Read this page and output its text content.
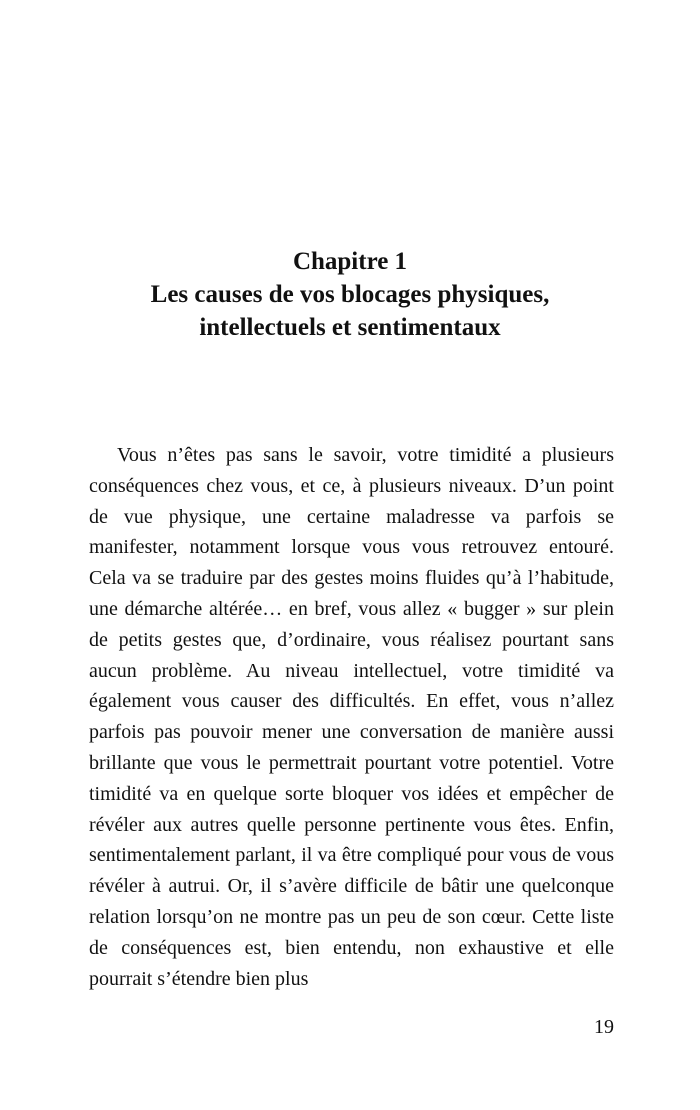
Chapitre 1
Les causes de vos blocages physiques,
intellectuels et sentimentaux

Vous n’êtes pas sans le savoir, votre timidité a plusieurs conséquences chez vous, et ce, à plusieurs niveaux. D’un point de vue physique, une certaine maladresse va parfois se manifester, notamment lorsque vous vous retrouvez entouré. Cela va se traduire par des gestes moins fluides qu’à l’habitude, une démarche altérée… en bref, vous allez « bugger » sur plein de petits gestes que, d’ordinaire, vous réalisez pourtant sans aucun problème. Au niveau intellectuel, votre timidité va également vous causer des difficultés. En effet, vous n’allez parfois pas pouvoir mener une conversation de manière aussi brillante que vous le permettrait pourtant votre potentiel. Votre timidité va en quelque sorte bloquer vos idées et empêcher de révéler aux autres quelle personne pertinente vous êtes. Enfin, sentimentalement parlant, il va être compliqué pour vous de vous révéler à autrui. Or, il s’avère difficile de bâtir une quelconque relation lorsqu’on ne montre pas un peu de son cœur. Cette liste de conséquences est, bien entendu, non exhaustive et elle pourrait s’étendre bien plus

19
